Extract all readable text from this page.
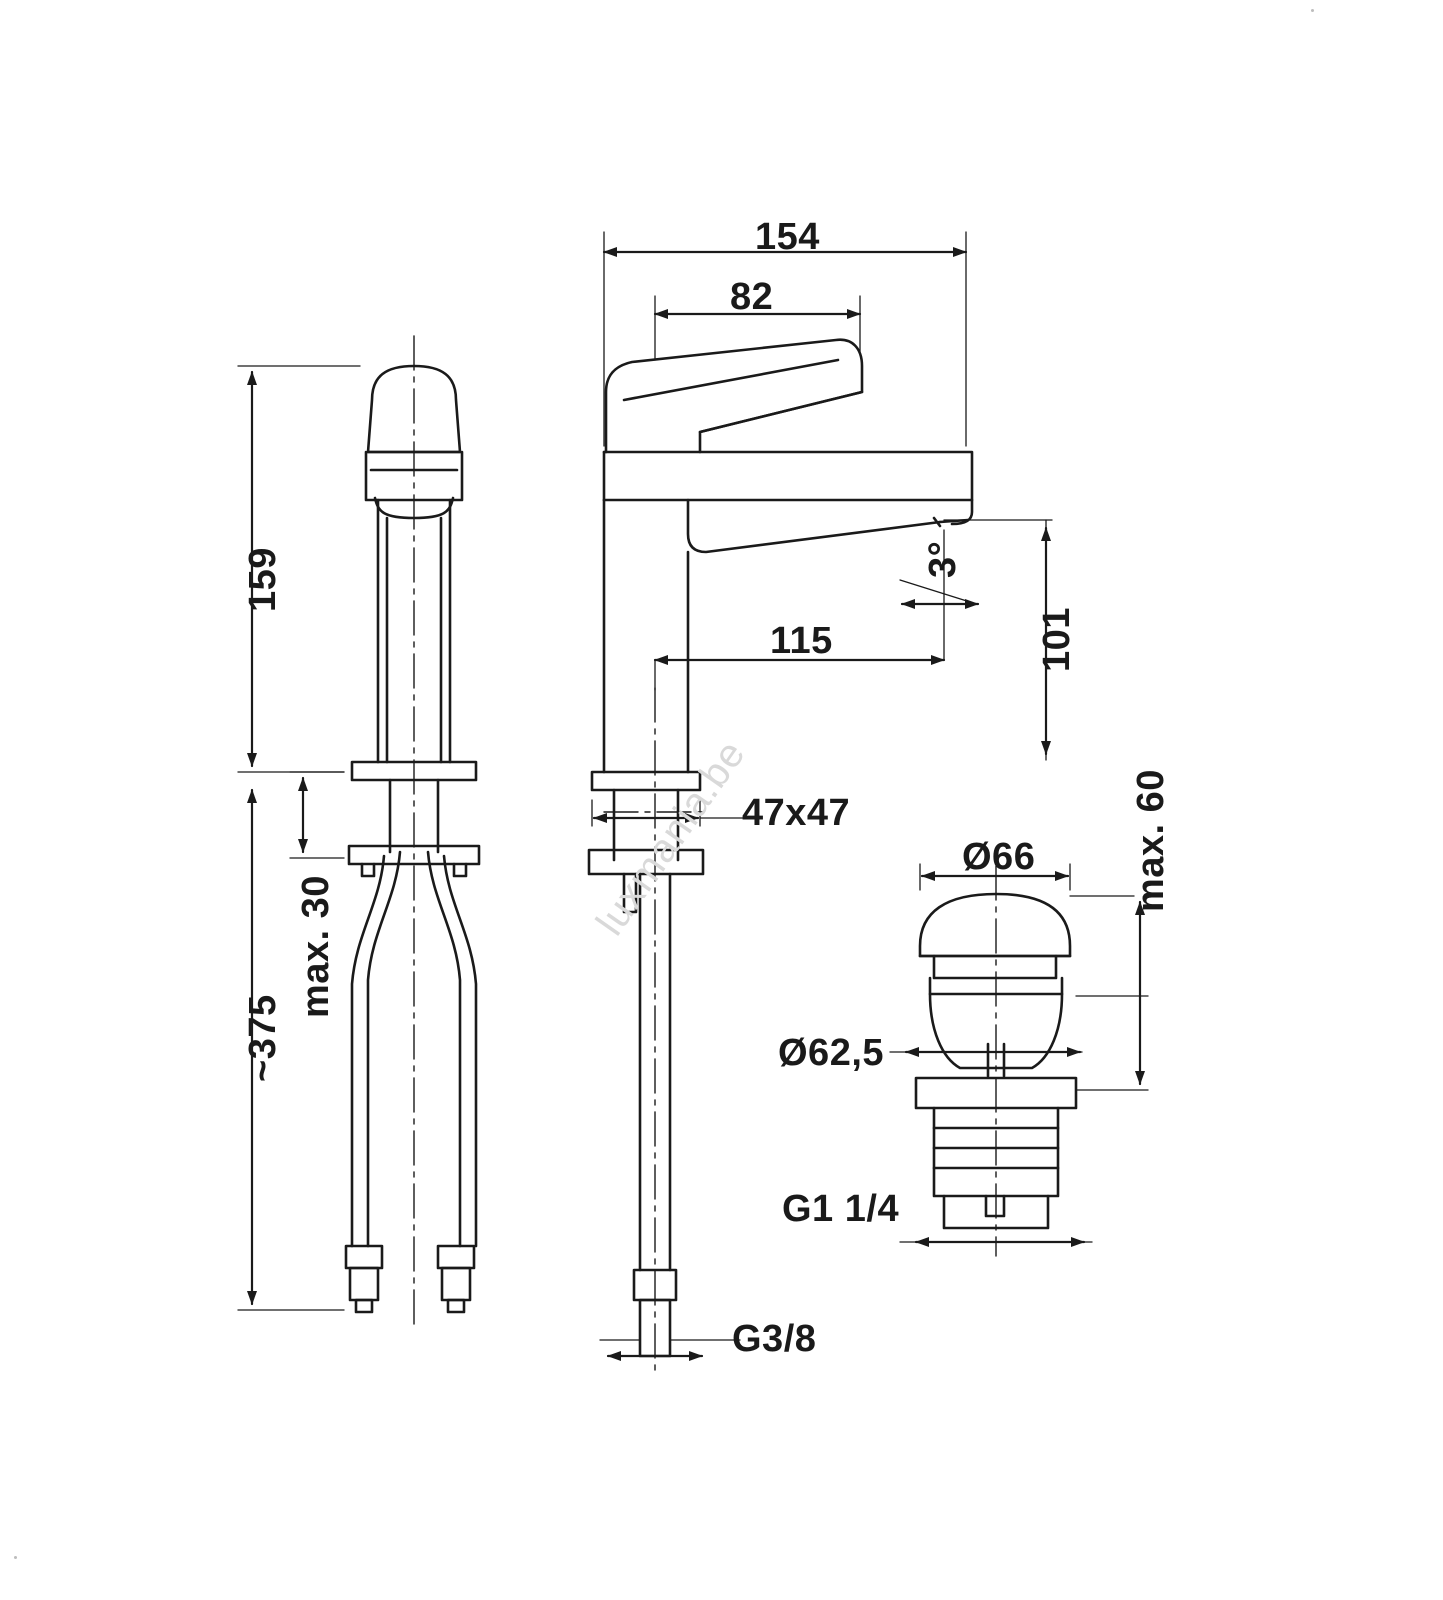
159
max. 30
~375
154
82
3°
115	101
47x47
G3/8
Ø66 max. 60
Ø62,5
G1 1/4
luxmania.be
